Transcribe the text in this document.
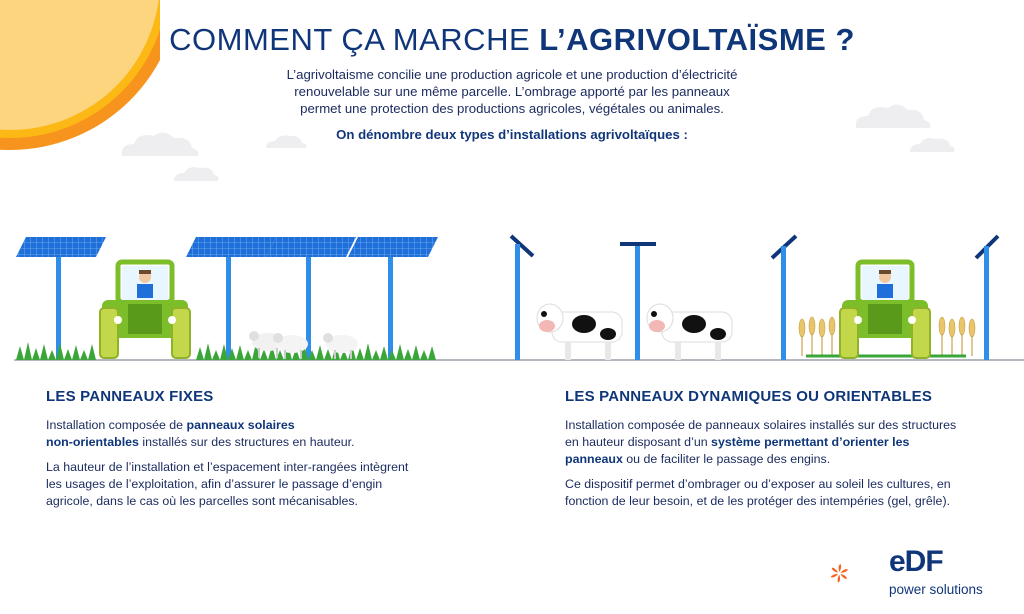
COMMENT ÇA MARCHE L’AGRIVOLTAÏSME ?

L’agrivoltaisme concilie une production agricole et une production d’électricité
renouvelable sur une même parcelle. L’ombrage apporté par les panneaux
permet une protection des productions agricoles, végétales ou animales.

On dénombre deux types d’installations agrivoltaïques :

LES PANNEAUX FIXES

Installation composée de panneaux solaires
non-orientables installés sur des structures en hauteur.

La hauteur de l’installation et l’espacement inter-rangées intègrent les usages de l’exploitation, afin d’assurer le passage d’engin agricole, dans le cas où les parcelles sont mécanisables.

LES PANNEAUX DYNAMIQUES OU ORIENTABLES

Installation composée de panneaux solaires installés sur des structures en hauteur disposant d’un système permettant d’orienter les panneaux ou de faciliter le passage des engins.

Ce dispositif permet d’ombrager ou d’exposer au soleil les cultures, en fonction de leur besoin, et de les protéger des intempéries (gel, grêle).

eDF
power solutions
